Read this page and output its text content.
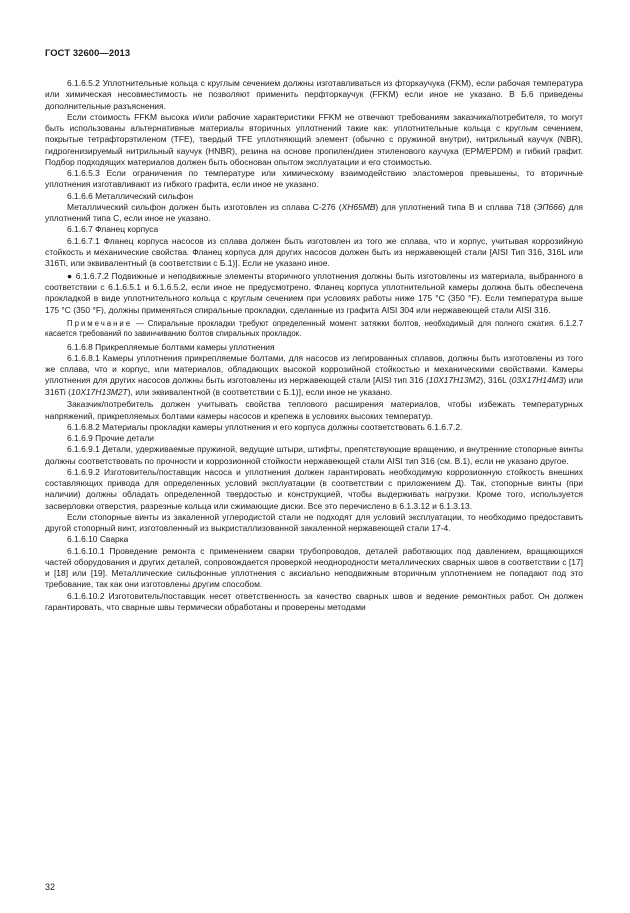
ГОСТ 32600—2013

6.1.6.5.2 Уплотнительные кольца с круглым сечением должны изготавливаться из фторкаучука (FKM), если рабочая температура или химическая несовместимость не позволяют применить перфторкаучук (FFKM) если иное не указано. В Б.6 приведены дополнительные разъяснения.

Если стоимость FFKM высока и/или рабочие характеристики FFKM не отвечают требованиям заказчика/потребителя, то могут быть использованы альтернативные материалы вторичных уплотнений такие как: уплотнительные кольца с круглым сечением, покрытые тетрафторэтиленом (TFE), твердый TFE уплотняющий элемент (обычно с пружиной внутри), нитрильный каучук (NBR), гидрогенизируемый нитрильный каучук (HNBR), резина на основе пропилен/диен этиленового каучука (EPM/EPDM) и гибкий графит. Подбор подходящих материалов должен быть обоснован опытом эксплуатации и его стоимостью.

6.1.6.5.3 Если ограничения по температуре или химическому взаимодействию эластомеров превышены, то вторичные уплотнения изготавливают из гибкого графита, если иное не указано.

6.1.6.6 Металлический сильфон

Металлический сильфон должен быть изготовлен из сплава С-276 (ХН65МВ) для уплотнений типа В и сплава 718 (ЭП666) для уплотнений типа С, если иное не указано.

6.1.6.7 Фланец корпуса

6.1.6.7.1 Фланец корпуса насосов из сплава должен быть изготовлен из того же сплава, что и корпус, учитывая коррозийную стойкость и механические свойства. Фланец корпуса для других насосов должен быть из нержавеющей стали [AISI Тип 316, 316L или 316Ti, или эквивалентный (в соответствии с Б.1)]. Если не указано иное.

● 6.1.6.7.2 Подвижные и неподвижные элементы вторичного уплотнения должны быть изготовлены из материала, выбранного в соответствии с 6.1.6.5.1 и 6.1.6.5.2, если иное не предусмотрено. Фланец корпуса уплотнительной камеры должна быть обеспечена прокладкой в виде уплотнительного кольца с круглым сечением при условиях работы ниже 175 °С (350 °F). Если температура выше 175 °С (350 °F), должны применяться спиральные прокладки, сделанные из графита AISI 304 или нержавеющей стали AISI 316.

Примечание — Спиральные прокладки требуют определенный момент затяжки болтов, необходимый для полного сжатия. 6.1.2.7 касается требований по завинчиванию болтов спиральных прокладок.

6.1.6.8 Прикрепляемые болтами камеры уплотнения

6.1.6.8.1 Камеры уплотнения прикрепляемые болтами, для насосов из легированных сплавов, должны быть изготовлены из того же сплава, что и корпус, или материалов, обладающих высокой коррозийной стойкостью и механическими свойствами. Камеры уплотнения для других насосов должны быть изготовлены из нержавеющей стали [AISI тип 316 (10Х17Н13М2), 316L (03Х17Н14М3) или 316Ti (10Х17Н13М2Т), или эквивалентной (в соответствии с Б.1)], если иное не указано.

Заказчик/потребитель должен учитывать свойства теплового расширения материалов, чтобы избежать температурных напряжений, прикрепляемых болтами камеры насосов и крепежа в условиях высоких температур.

6.1.6.8.2 Материалы прокладки камеры уплотнения и его корпуса должны соответствовать 6.1.6.7.2.

6.1.6.9 Прочие детали

6.1.6.9.1 Детали, удерживаемые пружиной, ведущие штыри, штифты, препятствующие вращению, и внутренние стопорные винты должны соответствовать по прочности и коррозионной стойкости нержавеющей стали AISI тип 316 (см. В.1), если не указано другое.

6.1.6.9.2 Изготовитель/поставщик насоса и уплотнения должен гарантировать необходимую коррозионную стойкость внешних составляющих привода для определенных условий эксплуатации (в соответствии с приложением Д). Так, стопорные винты (при наличии) должны обладать определенной твердостью и конструкцией, чтобы выдерживать нагрузки. Кроме того, используется засверловки отверстия, разрезные кольца или сжимающие диски. Все это перечислено в 6.1.3.12 и 6.1.3.13.

Если стопорные винты из закаленной углеродистой стали не подходят для условий эксплуатации, то необходимо предоставить другой стопорный винт, изготовленный из выкристаллизованной закаленной нержавеющей стали 17-4.

6.1.6.10 Сварка

6.1.6.10.1 Проведение ремонта с применением сварки трубопроводов, деталей работающих под давлением, вращающихся частей оборудования и других деталей, сопровождается проверкой неоднородности металлических сварных швов в соответствии с [17] и [18] или [19]. Металлические сильфонные уплотнения с аксиально неподвижным вторичным уплотнением не попадают под это требование, так как они изготовлены другим способом.

6.1.6.10.2 Изготовитель/поставщик несет ответственность за качество сварных швов и ведение ремонтных работ. Он должен гарантировать, что сварные швы термически обработаны и проверены методами

32
